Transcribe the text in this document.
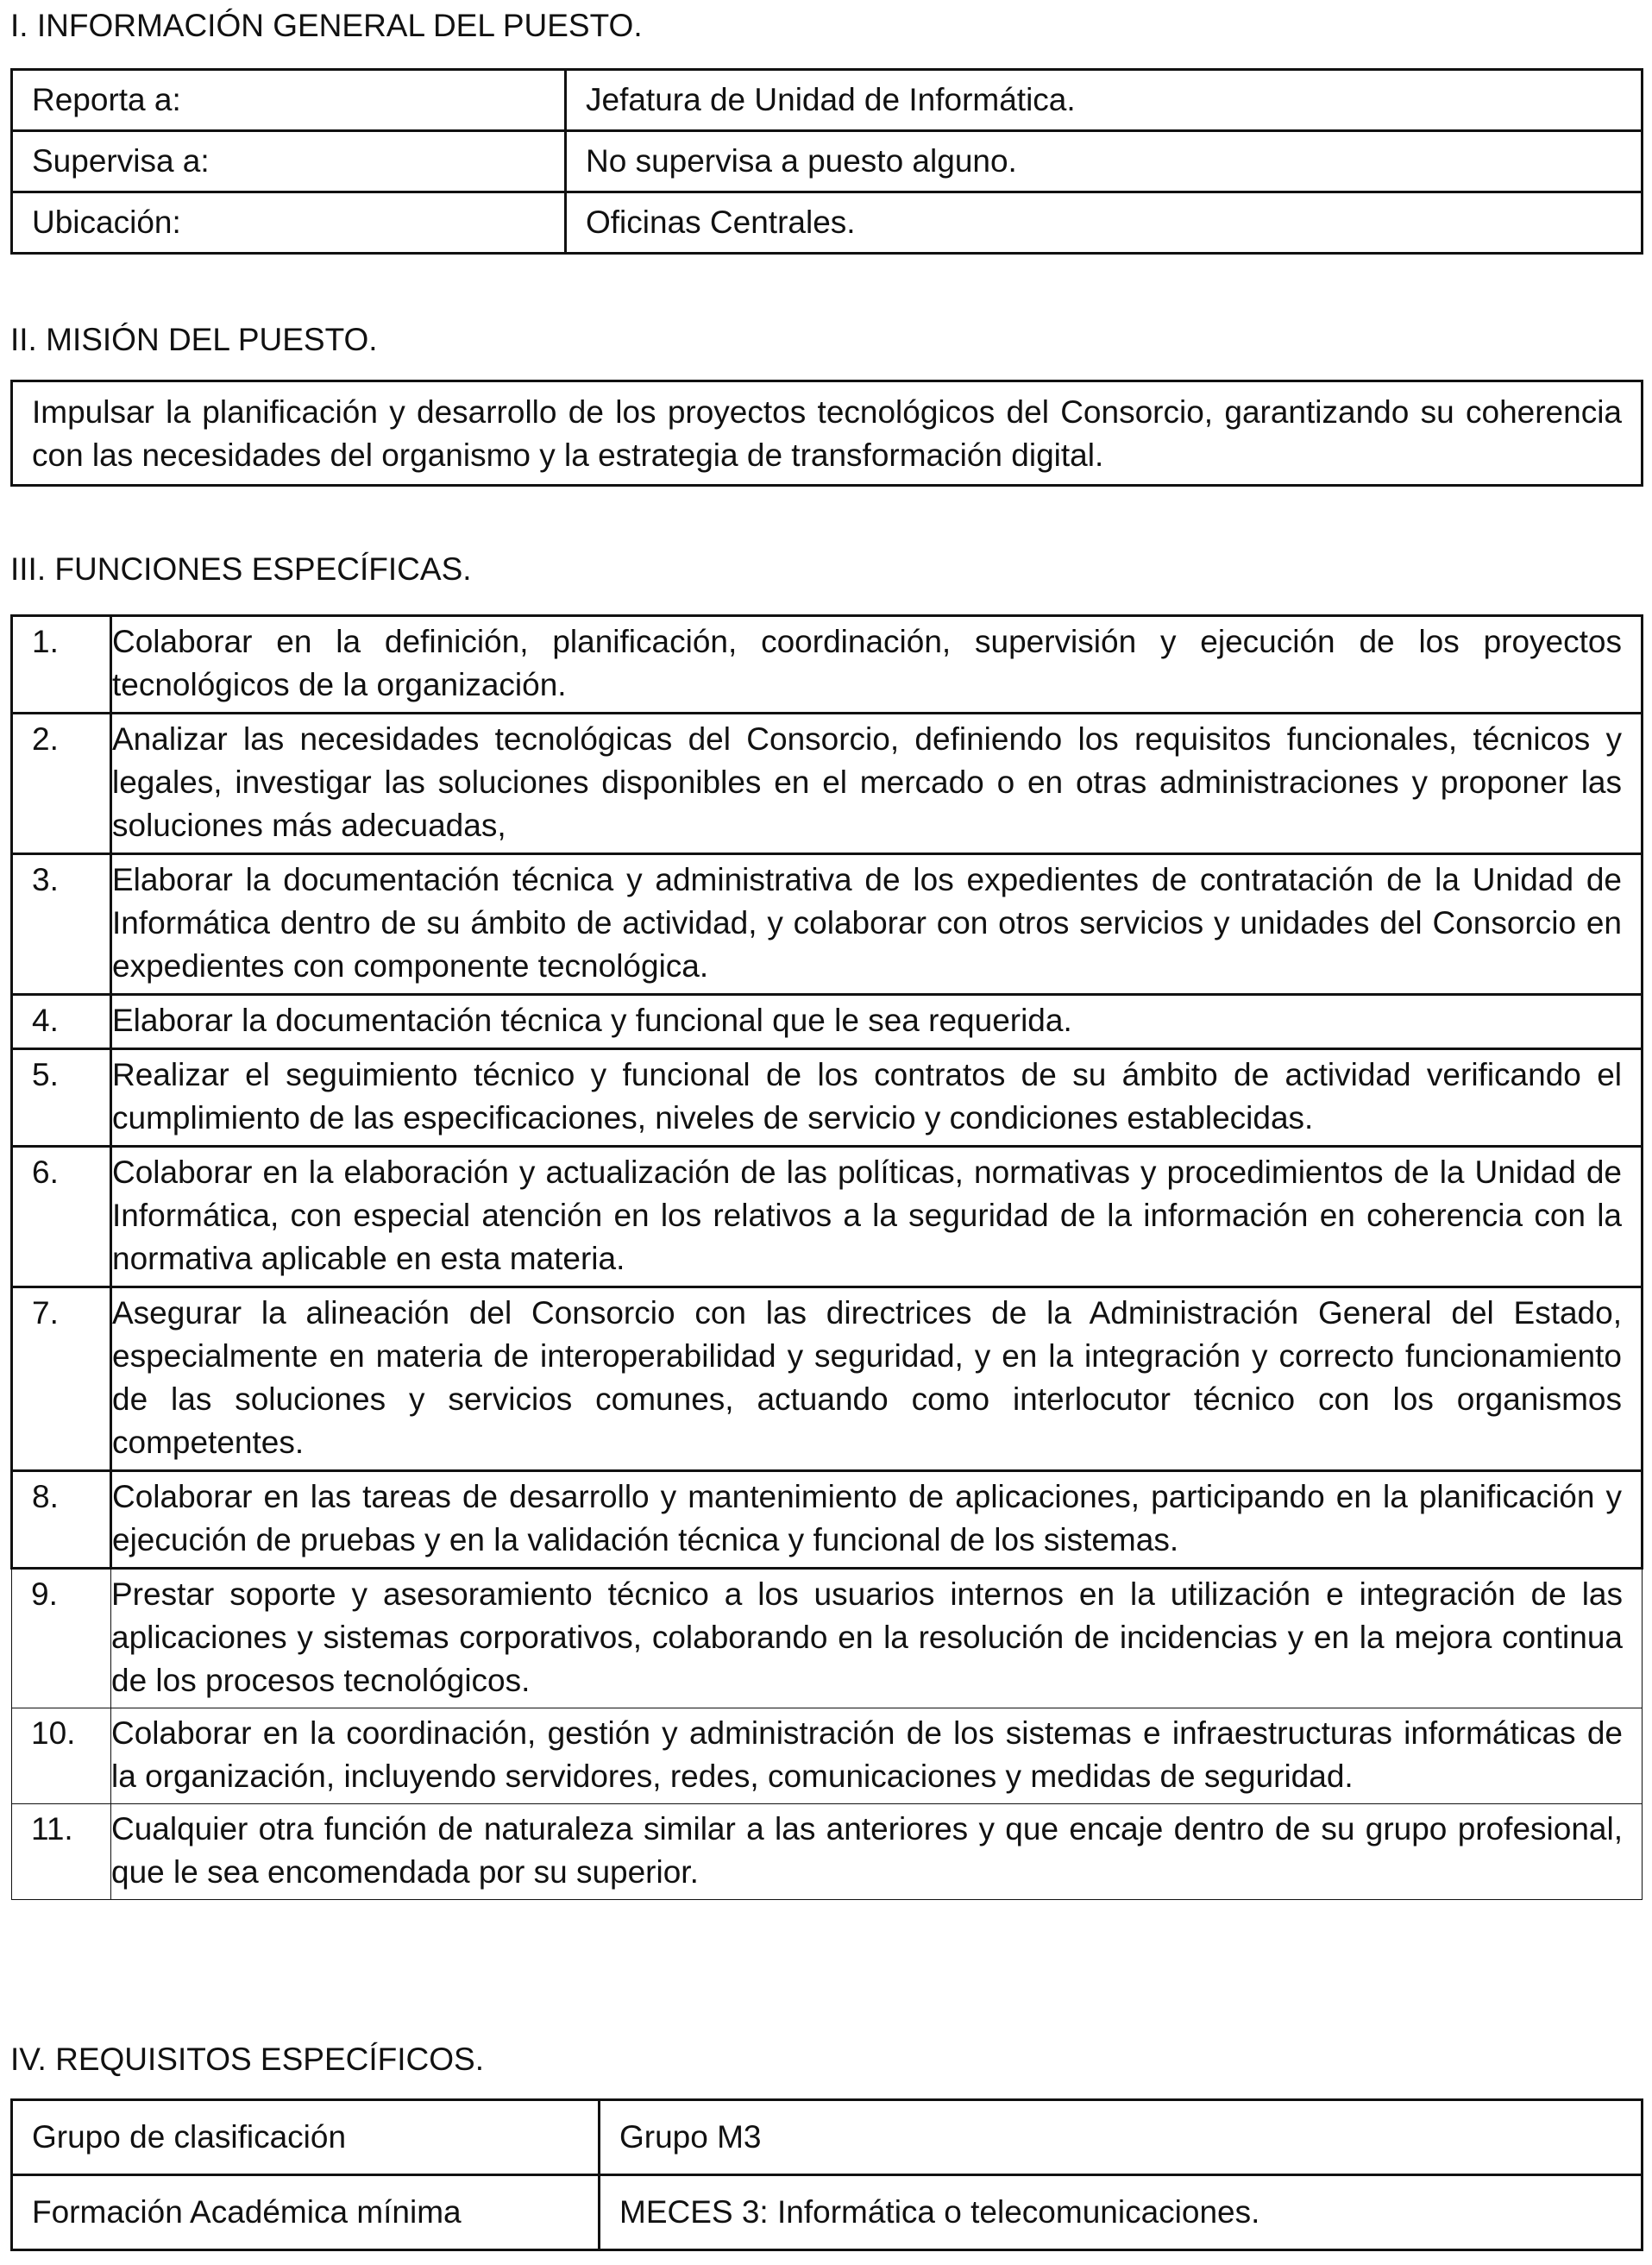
I. INFORMACIÓN GENERAL DEL PUESTO.
Reporta a:	Jefatura de Unidad de Informática.
Supervisa a:	No supervisa a puesto alguno.
Ubicación:	Oficinas Centrales.
II. MISIÓN DEL PUESTO.
Impulsar la planificación y desarrollo de los proyectos tecnológicos del Consorcio, garantizando su coherencia con las necesidades del organismo y la estrategia de transformación digital.
III. FUNCIONES ESPECÍFICAS.
1.	Colaborar en la definición, planificación, coordinación, supervisión y ejecución de los proyectos tecnológicos de la organización.
2.	Analizar las necesidades tecnológicas del Consorcio, definiendo los requisitos funcionales, técnicos y legales, investigar las soluciones disponibles en el mercado o en otras administraciones y proponer las soluciones más adecuadas,
3.	Elaborar la documentación técnica y administrativa de los expedientes de contratación de la Unidad de Informática dentro de su ámbito de actividad, y colaborar con otros servicios y unidades del Consorcio en expedientes con componente tecnológica.
4.	Elaborar la documentación técnica y funcional que le sea requerida.
5.	Realizar el seguimiento técnico y funcional de los contratos de su ámbito de actividad verificando el cumplimiento de las especificaciones, niveles de servicio y condiciones establecidas.
6.	Colaborar en la elaboración y actualización de las políticas, normativas y procedimientos de la Unidad de Informática, con especial atención en los relativos a la seguridad de la información en coherencia con la normativa aplicable en esta materia.
7.	Asegurar la alineación del Consorcio con las directrices de la Administración General del Estado, especialmente en materia de interoperabilidad y seguridad, y en la integración y correcto funcionamiento de las soluciones y servicios comunes, actuando como interlocutor técnico con los organismos competentes.
8.	Colaborar en las tareas de desarrollo y mantenimiento de aplicaciones, participando en la planificación y ejecución de pruebas y en la validación técnica y funcional de los sistemas.
9.	Prestar soporte y asesoramiento técnico a los usuarios internos en la utilización e integración de las aplicaciones y sistemas corporativos, colaborando en la resolución de incidencias y en la mejora continua de los procesos tecnológicos.
10.	Colaborar en la coordinación, gestión y administración de los sistemas e infraestructuras informáticas de la organización, incluyendo servidores, redes, comunicaciones y medidas de seguridad.
11.	Cualquier otra función de naturaleza similar a las anteriores y que encaje dentro de su grupo profesional, que le sea encomendada por su superior.
IV. REQUISITOS ESPECÍFICOS.
Grupo de clasificación	Grupo M3
Formación Académica mínima	MECES 3: Informática o telecomunicaciones.
